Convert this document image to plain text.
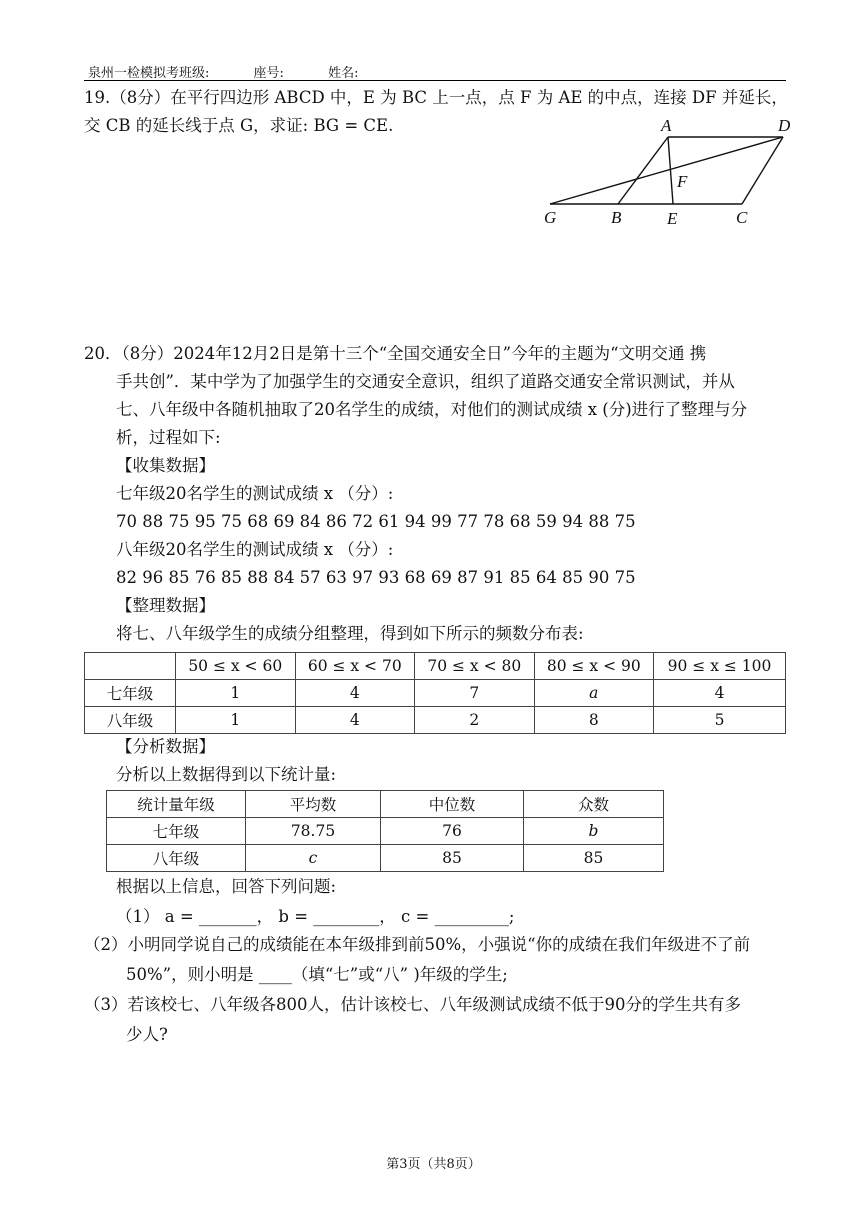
泉州一检模拟考班级:	座号:	姓名:
19.（8分）在平行四边形 ABCD 中，E 为 BC 上一点，点 F 为 AE 的中点，连接 DF 并延长，
交 CB 的延长线于点 G，求证: BG = CE.	A	D
F
G	B	E	C
20．（8分）2024年12月2日是第十三个“全国交通安全日”今年的主题为“文明交通 携
手共创”．某中学为了加强学生的交通安全意识，组织了道路交通安全常识测试，并从
七、八年级中各随机抽取了20名学生的成绩，对他们的测试成绩 x (分)进行了整理与分
析，过程如下:
【收集数据】
七年级20名学生的测试成绩 x （分）:
70 88 75 95 75 68 69 84 86 72 61 94 99 77 78 68 59 94 88 75
八年级20名学生的测试成绩 x （分）:
82 96 85 76 85 88 84 57 63 97 93 68 69 87 91 85 64 85 90 75
【整理数据】
将七、八年级学生的成绩分组整理，得到如下所示的频数分布表:
	50 ≤ x < 60	60 ≤ x < 70	70 ≤ x < 80	80 ≤ x < 90	90 ≤ x ≤ 100
七年级	1	4	7	a	4
八年级	1	4	2	8	5
【分析数据】
分析以上数据得到以下统计量:
统计量年级	平均数	中位数	众数
七年级	78.75	76	b
八年级	c	85	85
根据以上信息，回答下列问题:
（1） a = _______， b = ________， c = _________;
（2）小明同学说自己的成绩能在本年级排到前50%，小强说“你的成绩在我们年级进不了前
50%”，则小明是 ____（填“七”或“八” )年级的学生;
（3）若该校七、八年级各800人，估计该校七、八年级测试成绩不低于90分的学生共有多
少人?
第3页（共8页）
